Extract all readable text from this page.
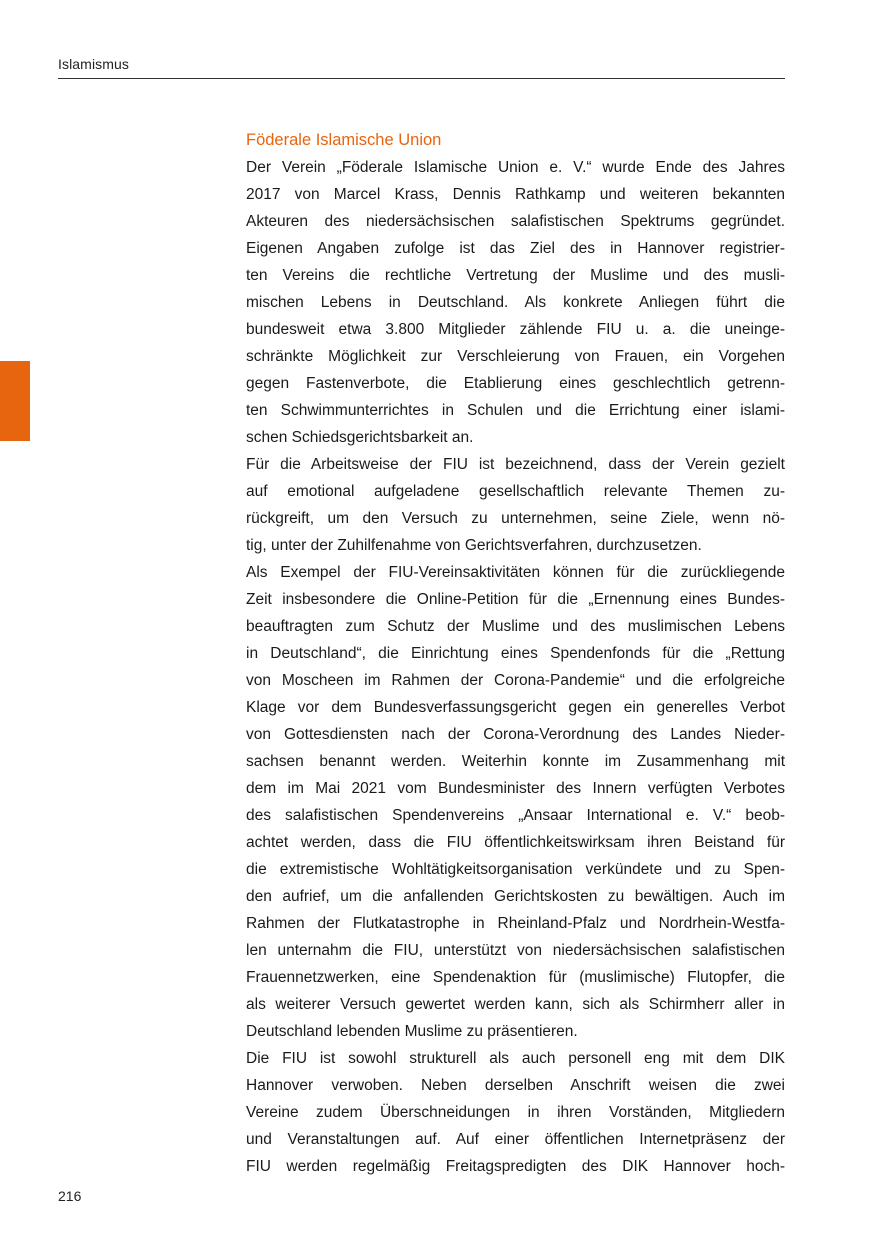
Islamismus
Föderale Islamische Union

Der Verein „Föderale Islamische Union e. V.“ wurde Ende des Jahres
2017 von Marcel Krass, Dennis Rathkamp und weiteren bekannten
Akteuren des niedersächsischen salafistischen Spektrums gegründet.
Eigenen Angaben zufolge ist das Ziel des in Hannover registrier-
ten Vereins die rechtliche Vertretung der Muslime und des musli-
mischen Lebens in Deutschland. Als konkrete Anliegen führt die
bundesweit etwa 3.800 Mitglieder zählende FIU u. a. die uneinge-
schränkte Möglichkeit zur Verschleierung von Frauen, ein Vorgehen
gegen Fastenverbote, die Etablierung eines geschlechtlich getrenn-
ten Schwimmunterrichtes in Schulen und die Errichtung einer islami-
schen Schiedsgerichtsbarkeit an.

Für die Arbeitsweise der FIU ist bezeichnend, dass der Verein gezielt
auf emotional aufgeladene gesellschaftlich relevante Themen zu-
rückgreift, um den Versuch zu unternehmen, seine Ziele, wenn nö-
tig, unter der Zuhilfenahme von Gerichtsverfahren, durchzusetzen.

Als Exempel der FIU-Vereinsaktivitäten können für die zurückliegende
Zeit insbesondere die Online-Petition für die „Ernennung eines Bundes-
beauftragten zum Schutz der Muslime und des muslimischen Lebens
in Deutschland“, die Einrichtung eines Spendenfonds für die „Rettung
von Moscheen im Rahmen der Corona-Pandemie“ und die erfolgreiche
Klage vor dem Bundesverfassungsgericht gegen ein generelles Verbot
von Gottesdiensten nach der Corona-Verordnung des Landes Nieder-
sachsen benannt werden. Weiterhin konnte im Zusammenhang mit
dem im Mai 2021 vom Bundesminister des Innern verfügten Verbotes
des salafistischen Spendenvereins „Ansaar International e. V.“ beob-
achtet werden, dass die FIU öffentlichkeitswirksam ihren Beistand für
die extremistische Wohltätigkeitsorganisation verkündete und zu Spen-
den aufrief, um die anfallenden Gerichtskosten zu bewältigen. Auch im
Rahmen der Flutkatastrophe in Rheinland-Pfalz und Nordrhein-Westfa-
len unternahm die FIU, unterstützt von niedersächsischen salafistischen
Frauennetzwerken, eine Spendenaktion für (muslimische) Flutopfer, die
als weiterer Versuch gewertet werden kann, sich als Schirmherr aller in
Deutschland lebenden Muslime zu präsentieren.

Die FIU ist sowohl strukturell als auch personell eng mit dem DIK
Hannover verwoben. Neben derselben Anschrift weisen die zwei
Vereine zudem Überschneidungen in ihren Vorständen, Mitgliedern
und Veranstaltungen auf. Auf einer öffentlichen Internetpräsenz der
FIU werden regelmäßig Freitagspredigten des DIK Hannover hoch-

216
